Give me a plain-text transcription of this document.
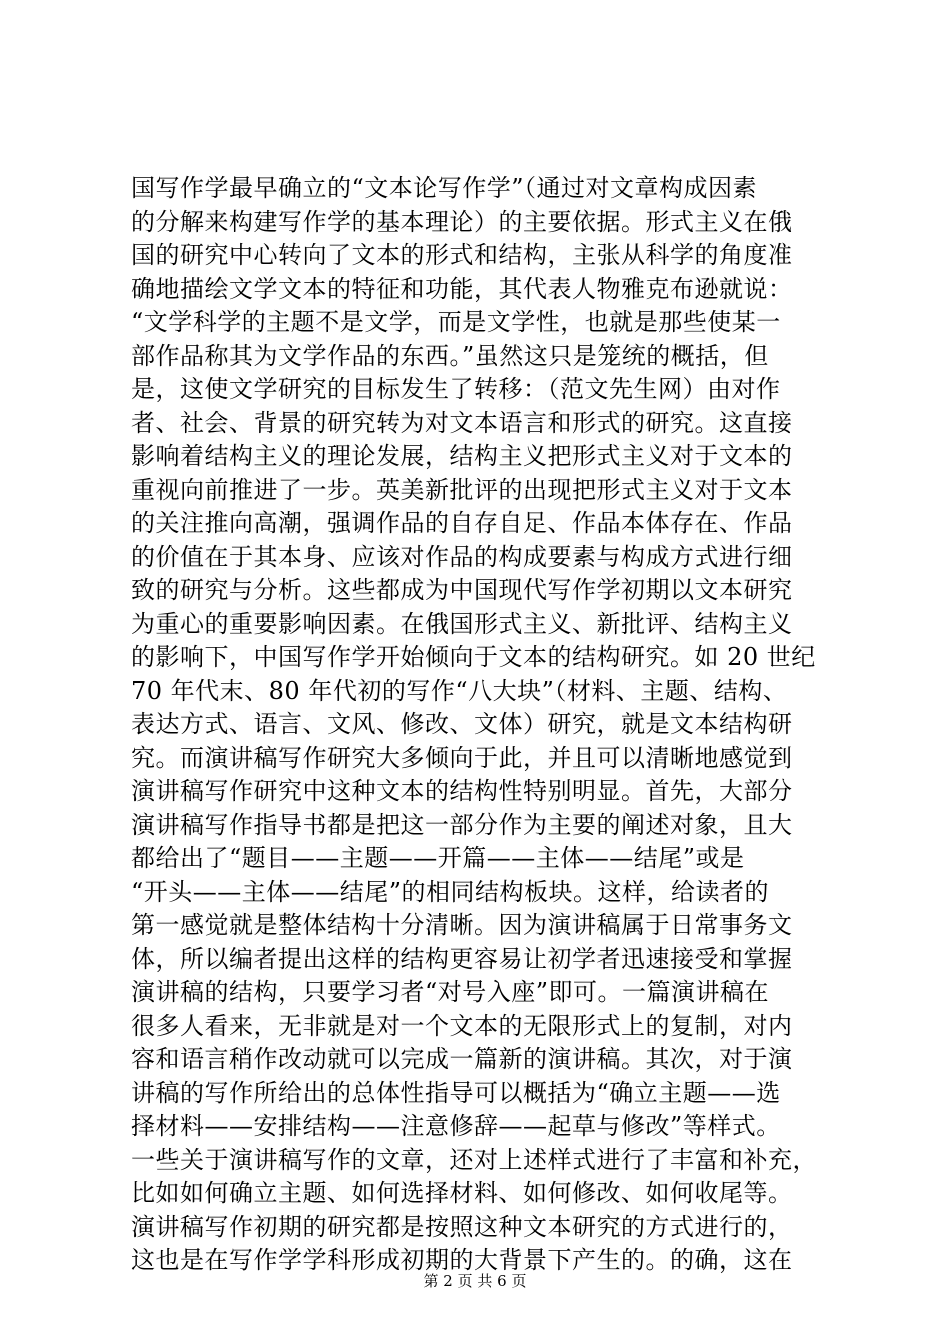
国写作学最早确立的“文本论写作学”（通过对文章构成因素
的分解来构建写作学的基本理论）的主要依据。形式主义在俄
国的研究中心转向了文本的形式和结构，主张从科学的角度准
确地描绘文学文本的特征和功能，其代表人物雅克布逊就说：
“文学科学的主题不是文学，而是文学性，也就是那些使某一
部作品称其为文学作品的东西。”虽然这只是笼统的概括，但
是，这使文学研究的目标发生了转移：（范文先生网）由对作
者、社会、背景的研究转为对文本语言和形式的研究。这直接
影响着结构主义的理论发展，结构主义把形式主义对于文本的
重视向前推进了一步。英美新批评的出现把形式主义对于文本
的关注推向高潮，强调作品的自存自足、作品本体存在、作品
的价值在于其本身、应该对作品的构成要素与构成方式进行细
致的研究与分析。这些都成为中国现代写作学初期以文本研究
为重心的重要影响因素。在俄国形式主义、新批评、结构主义
的影响下，中国写作学开始倾向于文本的结构研究。如 20 世纪
70 年代末、80 年代初的写作“八大块”（材料、主题、结构、
表达方式、语言、文风、修改、文体）研究，就是文本结构研
究。而演讲稿写作研究大多倾向于此，并且可以清晰地感觉到
演讲稿写作研究中这种文本的结构性特别明显。首先，大部分
演讲稿写作指导书都是把这一部分作为主要的阐述对象，且大
都给出了“题目——主题——开篇——主体——结尾”或是
“开头——主体——结尾”的相同结构板块。这样，给读者的
第一感觉就是整体结构十分清晰。因为演讲稿属于日常事务文
体，所以编者提出这样的结构更容易让初学者迅速接受和掌握
演讲稿的结构，只要学习者“对号入座”即可。一篇演讲稿在
很多人看来，无非就是对一个文本的无限形式上的复制，对内
容和语言稍作改动就可以完成一篇新的演讲稿。其次，对于演
讲稿的写作所给出的总体性指导可以概括为“确立主题——选
择材料——安排结构——注意修辞——起草与修改”等样式。
一些关于演讲稿写作的文章，还对上述样式进行了丰富和补充，
比如如何确立主题、如何选择材料、如何修改、如何收尾等。
演讲稿写作初期的研究都是按照这种文本研究的方式进行的，
这也是在写作学学科形成初期的大背景下产生的。的确，这在
第 2 页 共 6 页
